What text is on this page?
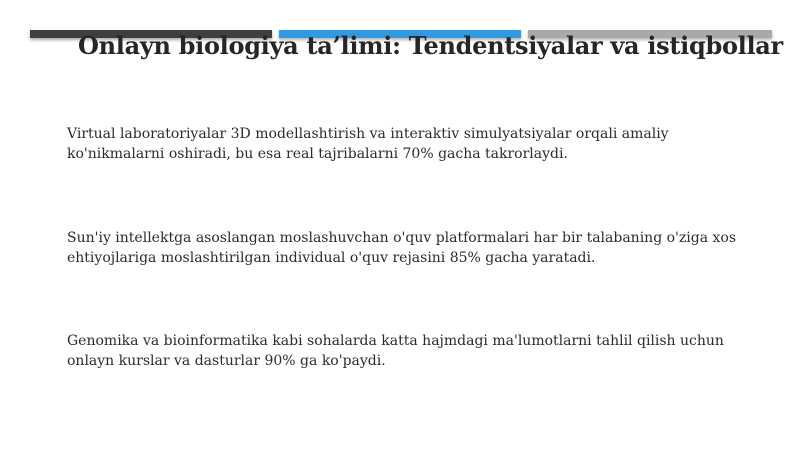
Onlayn biologiya ta’limi: Tendentsiyalar va istiqbollar

Virtual laboratoriyalar 3D modellashtirish va interaktiv simulyatsiyalar orqali amaliy ko'nikmalarni oshiradi, bu esa real tajribalarni 70% gacha takrorlaydi.

Sun'iy intellektga asoslangan moslashuvchan o'quv platformalari har bir talabaning o'ziga xos ehtiyojlariga moslashtirilgan individual o'quv rejasini 85% gacha yaratadi.

Genomika va bioinformatika kabi sohalarda katta hajmdagi ma'lumotlarni tahlil qilish uchun onlayn kurslar va dasturlar 90% ga ko'paydi.
